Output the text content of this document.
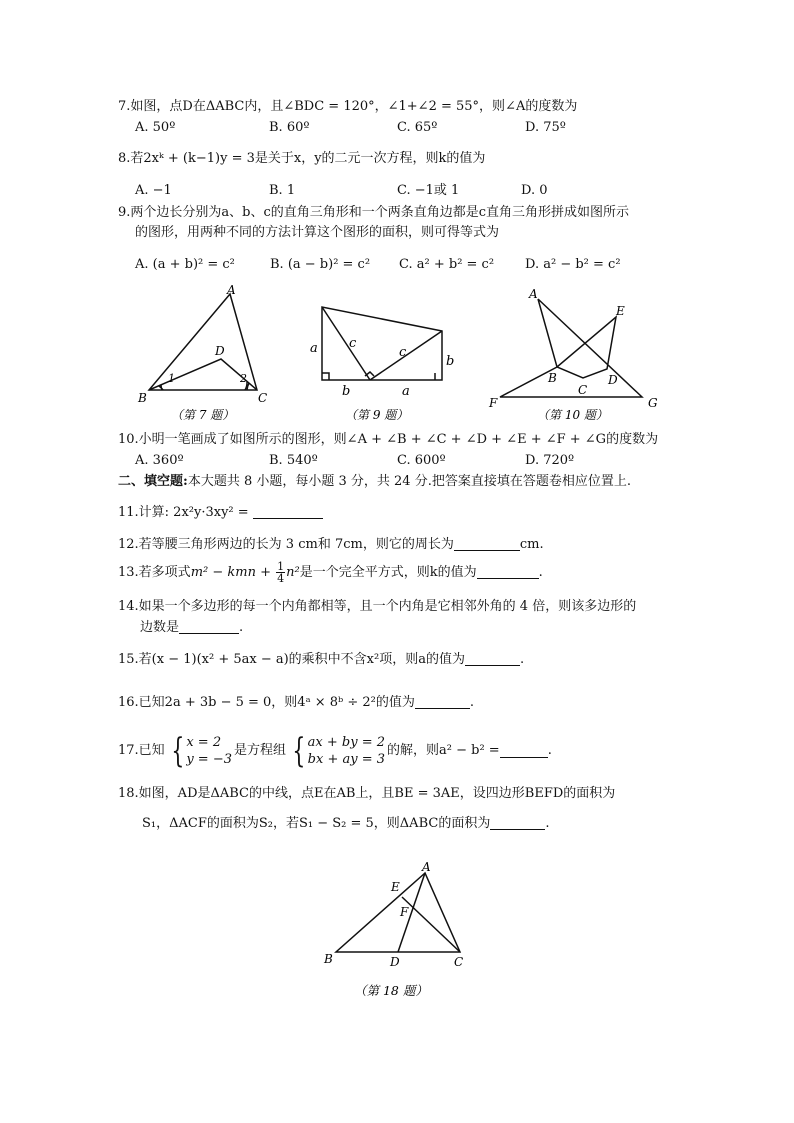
7.如图，点D在ΔABC内，且∠BDC = 120°，∠1+∠2 = 55°，则∠A的度数为
A. 50º	B. 60º	C. 65º	D. 75º
8.若2xᵏ + (k−1)y = 3是关于x，y的二元一次方程，则k的值为
A. −1	B. 1	C. −1或 1	D. 0
9.两个边长分别为a、b、c的直角三角形和一个两条直角边都是c直角三角形拼成如图所示
的图形，用两种不同的方法计算这个图形的面积，则可得等式为
A. (a + b)² = c²	B. (a − b)² = c² C. a² + b² = c² D. a² − b² = c²
A
B	C
D
1	2
（第 7 题）
a c
c
b
b	a
（第 9 题）
A
B
C
D
E
F	G
（第 10 题）
10.小明一笔画成了如图所示的图形，则∠A + ∠B + ∠C + ∠D + ∠E + ∠F + ∠G的度数为
A. 360º	B. 540º	C. 600º	D. 720º
二、填空题:本大题共 8 小题，每小题 3 分，共 24 分.把答案直接填在答题卷相应位置上.
11.计算: 2x²y·3xy² =
12.若等腰三角形两边的长为 3 cm和 7cm，则它的周长为	cm.
13.若多项式m² − kmn + $\frac{1}{4} n^2$是一个完全平方式，则k的值为	.
14.如果一个多边形的每一个内角都相等，且一个内角是它相邻外角的 4 倍，则该多边形的
边数是	.
15.若(x − 1)(x² + 5ax − a)的乘积中不含x²项，则a的值为	.
16.已知2a + 3b − 5 = 0，则4ᵃ × 8ᵇ ÷ 2²的值为	.
17.已知 { x = 2
y = −3
是方程组 { ax + by = 2
bx + ay = 3
的解，则a² − b² =	.
18.如图，AD是ΔABC的中线，点E在AB上，且BE = 3AE，设四边形BEFD的面积为
S₁，ΔACF的面积为S₂，若S₁ − S₂ = 5，则ΔABC的面积为	.
A
E
F
B	D	C
（第 18 题）
